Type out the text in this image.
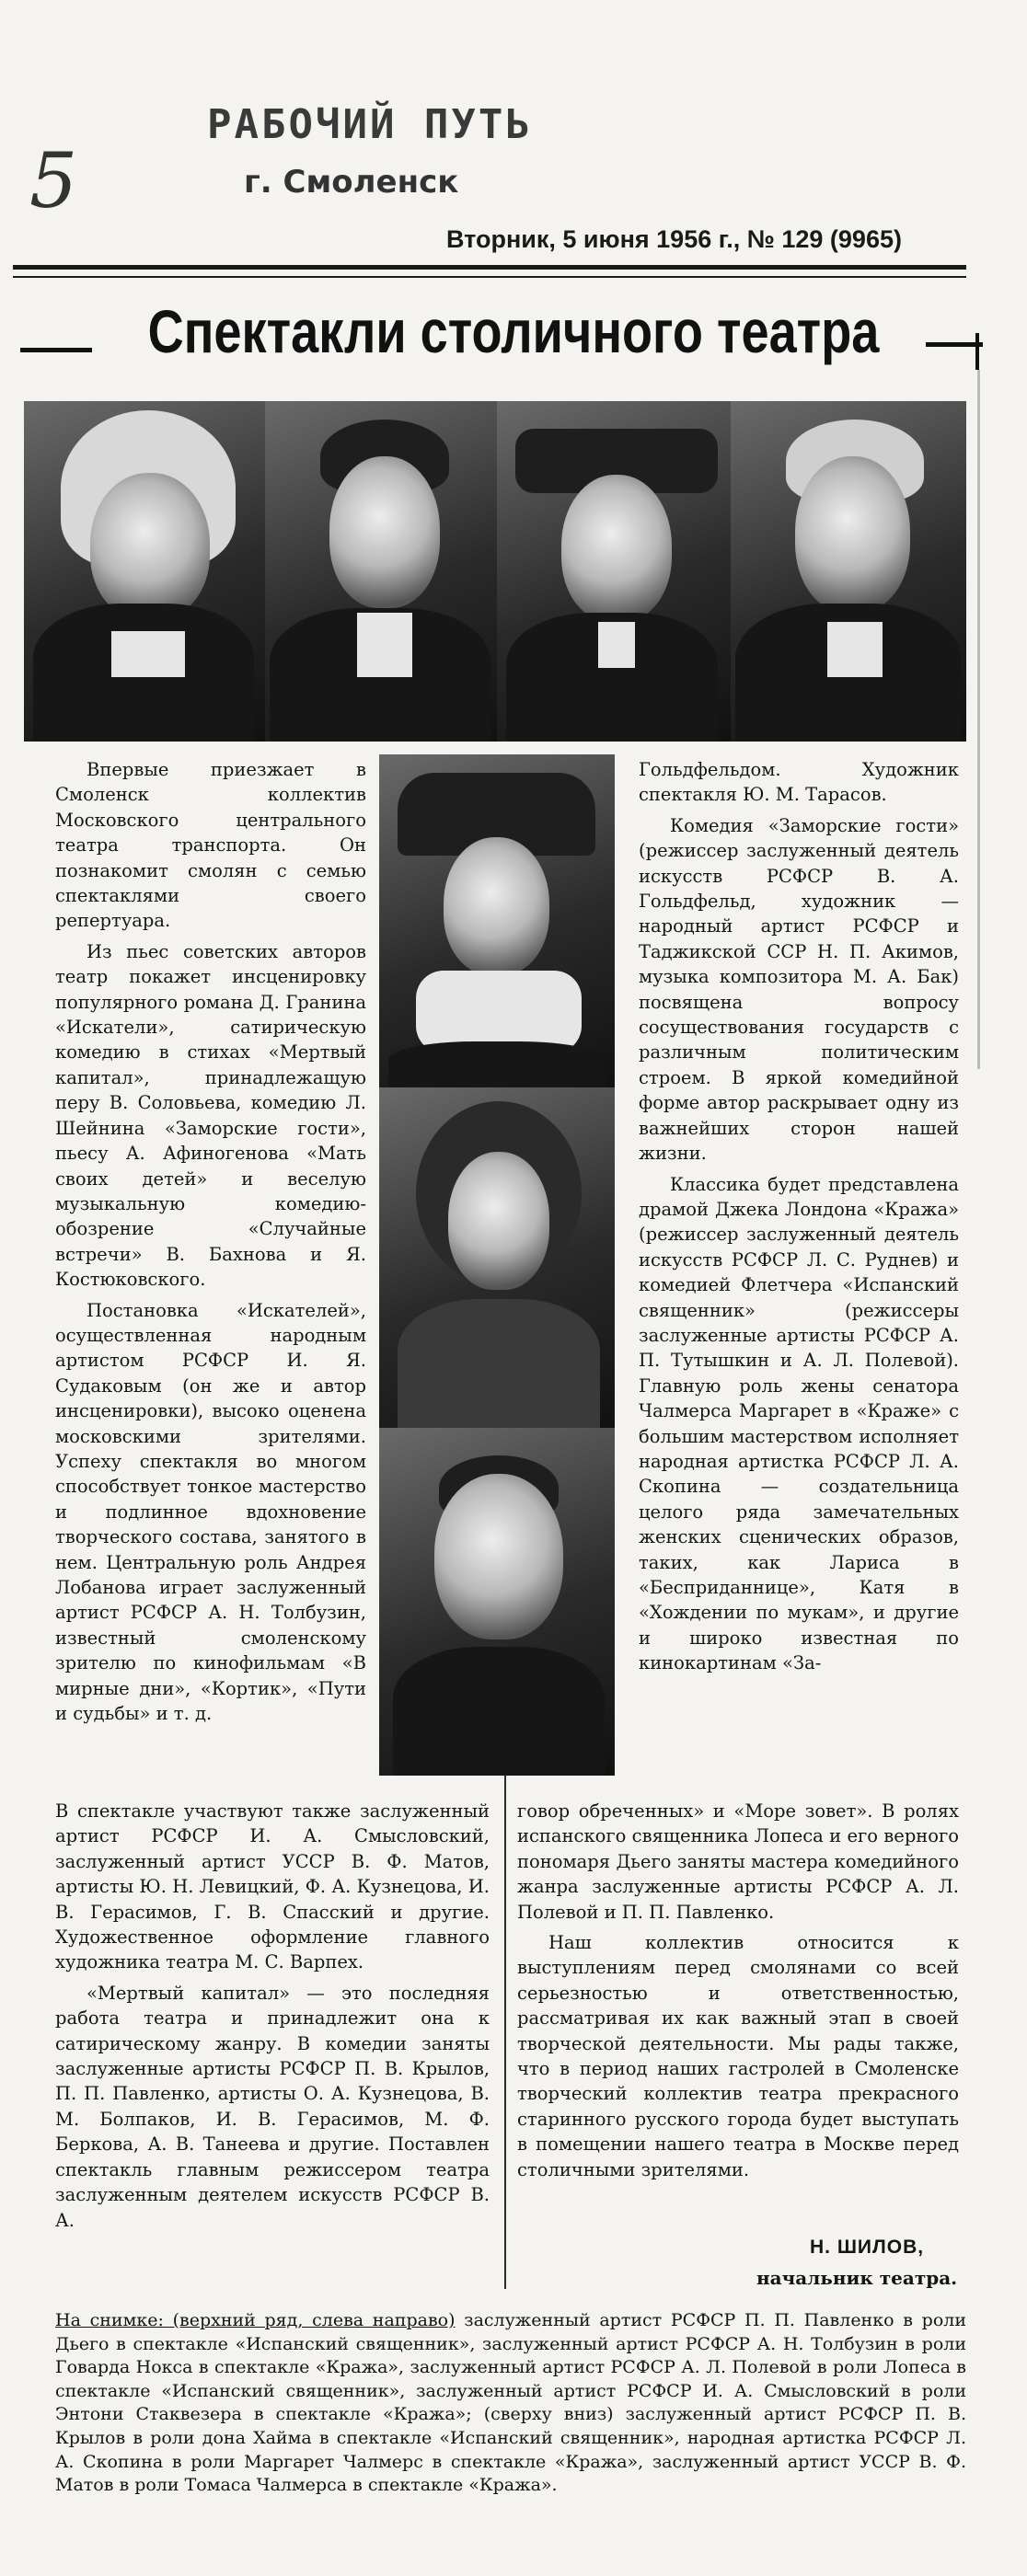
5
РАБОЧИЙ ПУТЬ
г. Смоленск
Вторник, 5 июня 1956 г., № 129 (9965)
Спектакли столичного театра

Впервые приезжает в Смоленск коллектив Московского центрального театра транспорта. Он познакомит смолян с семью спектаклями своего репертуара.

Из пьес советских авторов театр покажет инсценировку популярного романа Д. Гранина «Искатели», сатирическую комедию в стихах «Мертвый капитал», принадлежащую перу В. Соловьева, комедию Л. Шейнина «Заморские гости», пьесу А. Афиногенова «Мать своих детей» и веселую музыкальную комедию-обозрение «Случайные встречи» В. Бахнова и Я. Костюковского.

Постановка «Искателей», осуществленная народным артистом РСФСР И. Я. Судаковым (он же и автор инсценировки), высоко оценена московскими зрителями. Успеху спектакля во многом способствует тонкое мастерство и подлинное вдохновение творческого состава, занятого в нем. Центральную роль Андрея Лобанова играет заслуженный артист РСФСР А. Н. Толбузин, известный смоленскому зрителю по кинофильмам «В мирные дни», «Кортик», «Пути и судьбы» и т. д.

В спектакле участвуют также заслуженный артист РСФСР И. А. Смысловский, заслуженный артист УССР В. Ф. Матов, артисты Ю. Н. Левицкий, Ф. А. Кузнецова, И. В. Герасимов, Г. В. Спасский и другие. Художественное оформление главного художника театра М. С. Варпех.

«Мертвый капитал» — это последняя работа театра и принадлежит она к сатирическому жанру. В комедии заняты заслуженные артисты РСФСР П. В. Крылов, П. П. Павленко, артисты О. А. Кузнецова, В. М. Болпаков, И. В. Герасимов, М. Ф. Беркова, А. В. Танеева и другие. Поставлен спектакль главным режиссером театра заслуженным деятелем искусств РСФСР В. А.

Гольдфельдом. Художник спектакля Ю. М. Тарасов.

Комедия «Заморские гости» (режиссер заслуженный деятель искусств РСФСР В. А. Гольдфельд, художник — народный артист РСФСР и Таджикской ССР Н. П. Акимов, музыка композитора М. А. Бак) посвящена вопросу сосуществования государств с различным политическим строем. В яркой комедийной форме автор раскрывает одну из важнейших сторон нашей жизни.

Классика будет представлена драмой Джека Лондона «Кража» (режиссер заслуженный деятель искусств РСФСР Л. С. Руднев) и комедией Флетчера «Испанский священник» (режиссеры заслуженные артисты РСФСР А. П. Тутышкин и А. Л. Полевой). Главную роль жены сенатора Чалмерса Маргарет в «Краже» с большим мастерством исполняет народная артистка РСФСР Л. А. Скопина — создательница целого ряда замечательных женских сценических образов, таких, как Лариса в «Бесприданнице», Катя в «Хождении по мукам», и другие и широко известная по кинокартинам «За-

говор обреченных» и «Море зовет». В ролях испанского священника Лопеса и его верного пономаря Дьего заняты мастера комедийного жанра заслуженные артисты РСФСР А. Л. Полевой и П. П. Павленко.

Наш коллектив относится к выступлениям перед смолянами со всей серьезностью и ответственностью, рассматривая их как важный этап в своей творческой деятельности. Мы рады также, что в период наших гастролей в Смоленске творческий коллектив театра прекрасного старинного русского города будет выступать в помещении нашего театра в Москве перед столичными зрителями.

Н. ШИЛОВ,
начальник театра.
На снимке: (верхний ряд, слева направо) заслуженный артист РСФСР П. П. Павленко в роли Дьего в спектакле «Испанский священник», заслуженный артист РСФСР А. Н. Толбузин в роли Говарда Нокса в спектакле «Кража», заслуженный артист РСФСР А. Л. Полевой в роли Лопеса в спектакле «Испанский священник», заслуженный артист РСФСР И. А. Смысловский в роли Энтони Стаквезера в спектакле «Кража»; (сверху вниз) заслуженный артист РСФСР П. В. Крылов в роли дона Хайма в спектакле «Испанский священник», народная артистка РСФСР Л. А. Скопина в роли Маргарет Чалмерс в спектакле «Кража», заслуженный артист УССР В. Ф. Матов в роли Томаса Чалмерса в спектакле «Кража».
